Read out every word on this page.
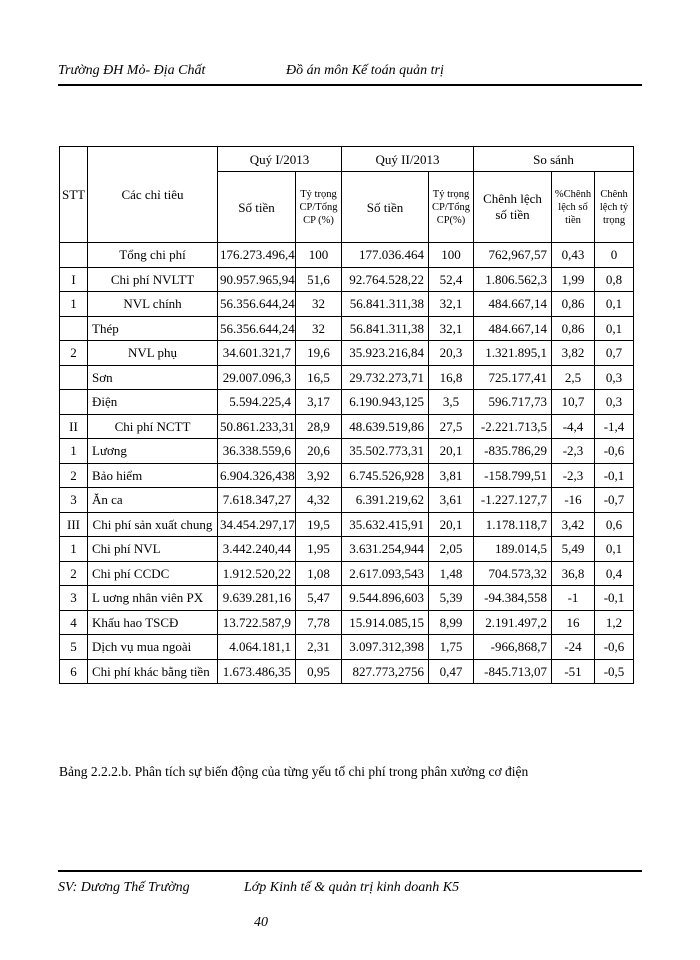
Trường ĐH Mỏ- Địa Chất	Đồ án môn Kế toán quản trị
STT	Các chỉ tiêu	Quý I/2013		Quý II/2013		So sánh		
		Số tiền	Tỷ trọng CP/Tổng CP (%)	Số tiền	Tỷ trọng CP/Tổng CP(%)	Chênh lệch số tiền	%Chênh lệch số tiền	Chênh lệch tỷ trọng
	Tổng chi phí	176.273.496,4	100	177.036.464	100	762,967,57	0,43	0
I	Chi phí NVLTT	90.957.965,94	51,6	92.764.528,22	52,4	1.806.562,3	1,99	0,8
1	NVL chính	56.356.644,24	32	56.841.311,38	32,1	484.667,14	0,86	0,1
	Thép	56.356.644,24	32	56.841.311,38	32,1	484.667,14	0,86	0,1
2	NVL phụ	34.601.321,7	19,6	35.923.216,84	20,3	1.321.895,1	3,82	0,7
	Sơn	29.007.096,3	16,5	29.732.273,71	16,8	725.177,41	2,5	0,3
	Điện	5.594.225,4	3,17	6.190.943,125	3,5	596.717,73	10,7	0,3
II	Chi phí NCTT	50.861.233,31	28,9	48.639.519,86	27,5	-2.221.713,5	-4,4	-1,4
1	Lương	36.338.559,6	20,6	35.502.773,31	20,1	-835.786,29	-2,3	-0,6
2	Bảo hiểm	6.904.326,438	3,92	6.745.526,928	3,81	-158.799,51	-2,3	-0,1
3	Ăn ca	7.618.347,27	4,32	6.391.219,62	3,61	-1.227.127,7	-16	-0,7
III	Chi phí sản xuất chung	34.454.297,17	19,5	35.632.415,91	20,1	1.178.118,7	3,42	0,6
1	Chi phí NVL	3.442.240,44	1,95	3.631.254,944	2,05	189.014,5	5,49	0,1
2	Chi phí CCDC	1.912.520,22	1,08	2.617.093,543	1,48	704.573,32	36,8	0,4
3	L uơng nhân viên PX	9.639.281,16	5,47	9.544.896,603	5,39	-94.384,558	-1	-0,1
4	Khấu hao TSCĐ	13.722.587,9	7,78	15.914.085,15	8,99	2.191.497,2	16	1,2
5	Dịch vụ mua ngoài	4.064.181,1	2,31	3.097.312,398	1,75	-966,868,7	-24	-0,6
6	Chi phí khác bằng tiền	1.673.486,35	0,95	827.773,2756	0,47	-845.713,07	-51	-0,5
Bảng 2.2.2.b. Phân tích sự biến động của từng yếu tố chi phí trong phân xưởng cơ điện
SV: Dương Thế Trường	Lớp Kinh tế & quản trị kinh doanh K5
40
